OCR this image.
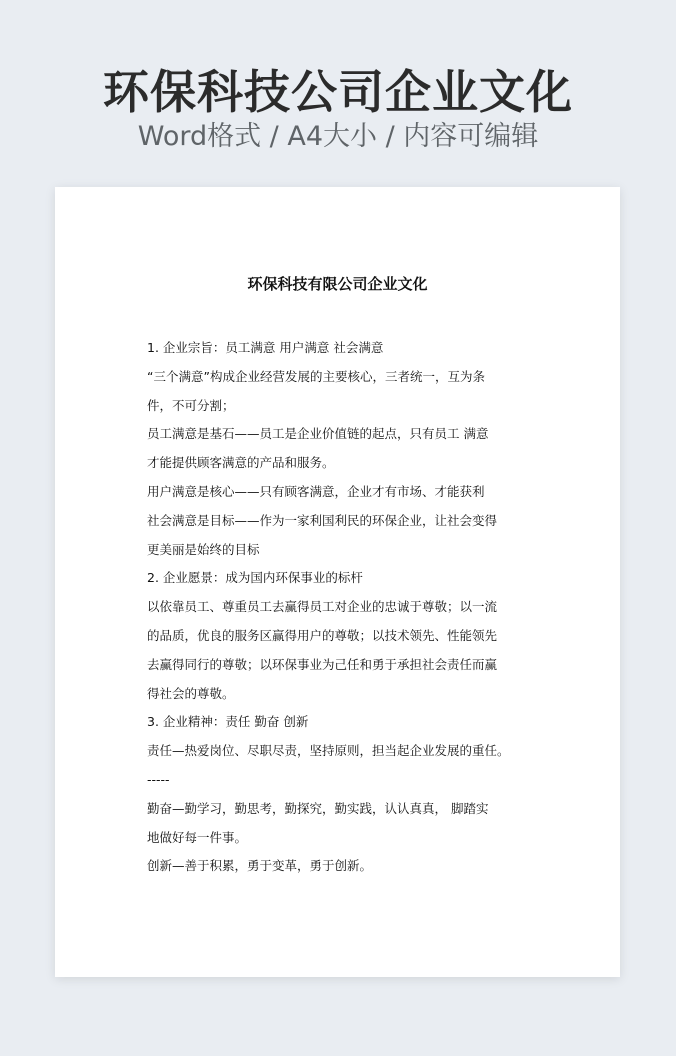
环保科技公司企业文化
Word格式 / A4大小 / 内容可编辑
环保科技有限公司企业文化
1. 企业宗旨：员工满意 用户满意 社会满意
“三个满意”构成企业经营发展的主要核心，三者统一，互为条
件，不可分割；
员工满意是基石——员工是企业价值链的起点，只有员工 满意
才能提供顾客满意的产品和服务。
用户满意是核心——只有顾客满意，企业才有市场、才能获利
社会满意是目标——作为一家利国利民的环保企业，让社会变得
更美丽是始终的目标
2. 企业愿景：成为国内环保事业的标杆
以依靠员工、尊重员工去赢得员工对企业的忠诚于尊敬；以一流
的品质，优良的服务区赢得用户的尊敬；以技术领先、性能领先
去赢得同行的尊敬；以环保事业为己任和勇于承担社会责任而赢
得社会的尊敬。
3. 企业精神：责任 勤奋 创新
责任—热爱岗位、尽职尽责，坚持原则，担当起企业发展的重任。
-----
勤奋—勤学习，勤思考，勤探究，勤实践，认认真真， 脚踏实
地做好每一件事。
创新—善于积累，勇于变革，勇于创新。
